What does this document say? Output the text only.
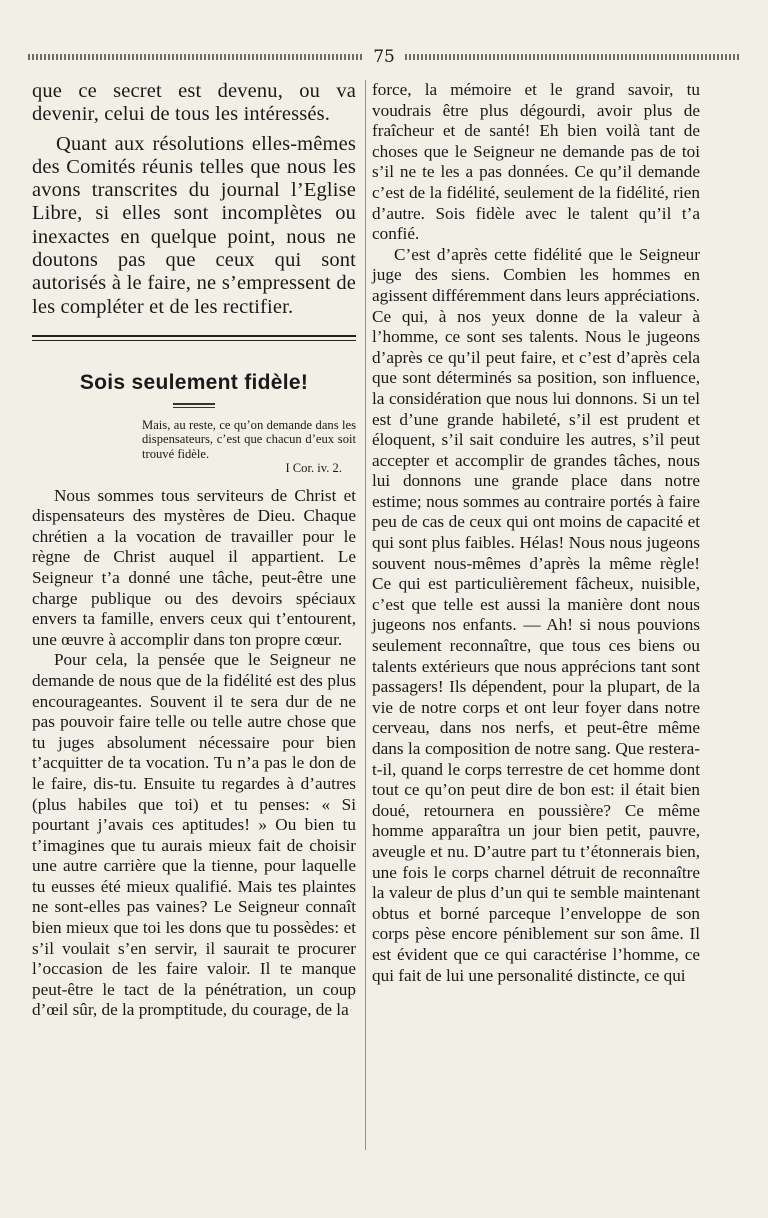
75

que ce secret est devenu, ou va devenir, celui de tous les intéressés.

Quant aux résolutions elles-mêmes des Comités réunis telles que nous les avons transcrites du journal l’Eglise Libre, si elles sont incomplètes ou inexactes en quelque point, nous ne doutons pas que ceux qui sont autorisés à le faire, ne s’empressent de les compléter et de les rectifier.

Sois seulement fidèle!

Mais, au reste, ce qu’on demande dans les dispensateurs, c’est que chacun d’eux soit trouvé fidèle.

I Cor. iv. 2.

Nous sommes tous serviteurs de Christ et dispensateurs des mystères de Dieu. Chaque chrétien a la vocation de travailler pour le règne de Christ auquel il appartient. Le Seigneur t’a donné une tâche, peut-être une charge publique ou des devoirs spéciaux envers ta famille, envers ceux qui t’entourent, une œuvre à accomplir dans ton propre cœur.

Pour cela, la pensée que le Seigneur ne demande de nous que de la fidélité est des plus encourageantes. Souvent il te sera dur de ne pas pouvoir faire telle ou telle autre chose que tu juges absolument nécessaire pour bien t’acquitter de ta vocation. Tu n’a pas le don de le faire, dis-tu. Ensuite tu regardes à d’autres (plus habiles que toi) et tu penses: « Si pourtant j’avais ces aptitudes! » Ou bien tu t’imagines que tu aurais mieux fait de choisir une autre carrière que la tienne, pour laquelle tu eusses été mieux qualifié. Mais tes plaintes ne sont-elles pas vaines? Le Seigneur connaît bien mieux que toi les dons que tu possèdes: et s’il voulait s’en servir, il saurait te procurer l’occasion de les faire valoir. Il te manque peut-être le tact de la pénétration, un coup d’œil sûr, de la promptitude, du courage, de la

force, la mémoire et le grand savoir, tu voudrais être plus dégourdi, avoir plus de fraîcheur et de santé! Eh bien voilà tant de choses que le Seigneur ne demande pas de toi s’il ne te les a pas données. Ce qu’il demande c’est de la fidélité, seulement de la fidélité, rien d’autre. Sois fidèle avec le talent qu’il t’a confié.

C’est d’après cette fidélité que le Seigneur juge des siens. Combien les hommes en agissent différemment dans leurs appréciations. Ce qui, à nos yeux donne de la valeur à l’homme, ce sont ses talents. Nous le jugeons d’après ce qu’il peut faire, et c’est d’après cela que sont déterminés sa position, son influence, la considération que nous lui donnons. Si un tel est d’une grande habileté, s’il est prudent et éloquent, s’il sait conduire les autres, s’il peut accepter et accomplir de grandes tâches, nous lui donnons une grande place dans notre estime; nous sommes au contraire portés à faire peu de cas de ceux qui ont moins de capacité et qui sont plus faibles. Hélas! Nous nous jugeons souvent nous-mêmes d’après la même règle! Ce qui est particulièrement fâcheux, nuisible, c’est que telle est aussi la manière dont nous jugeons nos enfants. — Ah! si nous pouvions seulement reconnaître, que tous ces biens ou talents extérieurs que nous apprécions tant sont passagers! Ils dépendent, pour la plupart, de la vie de notre corps et ont leur foyer dans notre cerveau, dans nos nerfs, et peut-être même dans la composition de notre sang. Que restera-t-il, quand le corps terrestre de cet homme dont tout ce qu’on peut dire de bon est: il était bien doué, retournera en poussière? Ce même homme apparaîtra un jour bien petit, pauvre, aveugle et nu. D’autre part tu t’étonnerais bien, une fois le corps charnel détruit de reconnaître la valeur de plus d’un qui te semble maintenant obtus et borné parceque l’enveloppe de son corps pèse encore péniblement sur son âme. Il est évident que ce qui caractérise l’homme, ce qui fait de lui une personalité distincte, ce qui
